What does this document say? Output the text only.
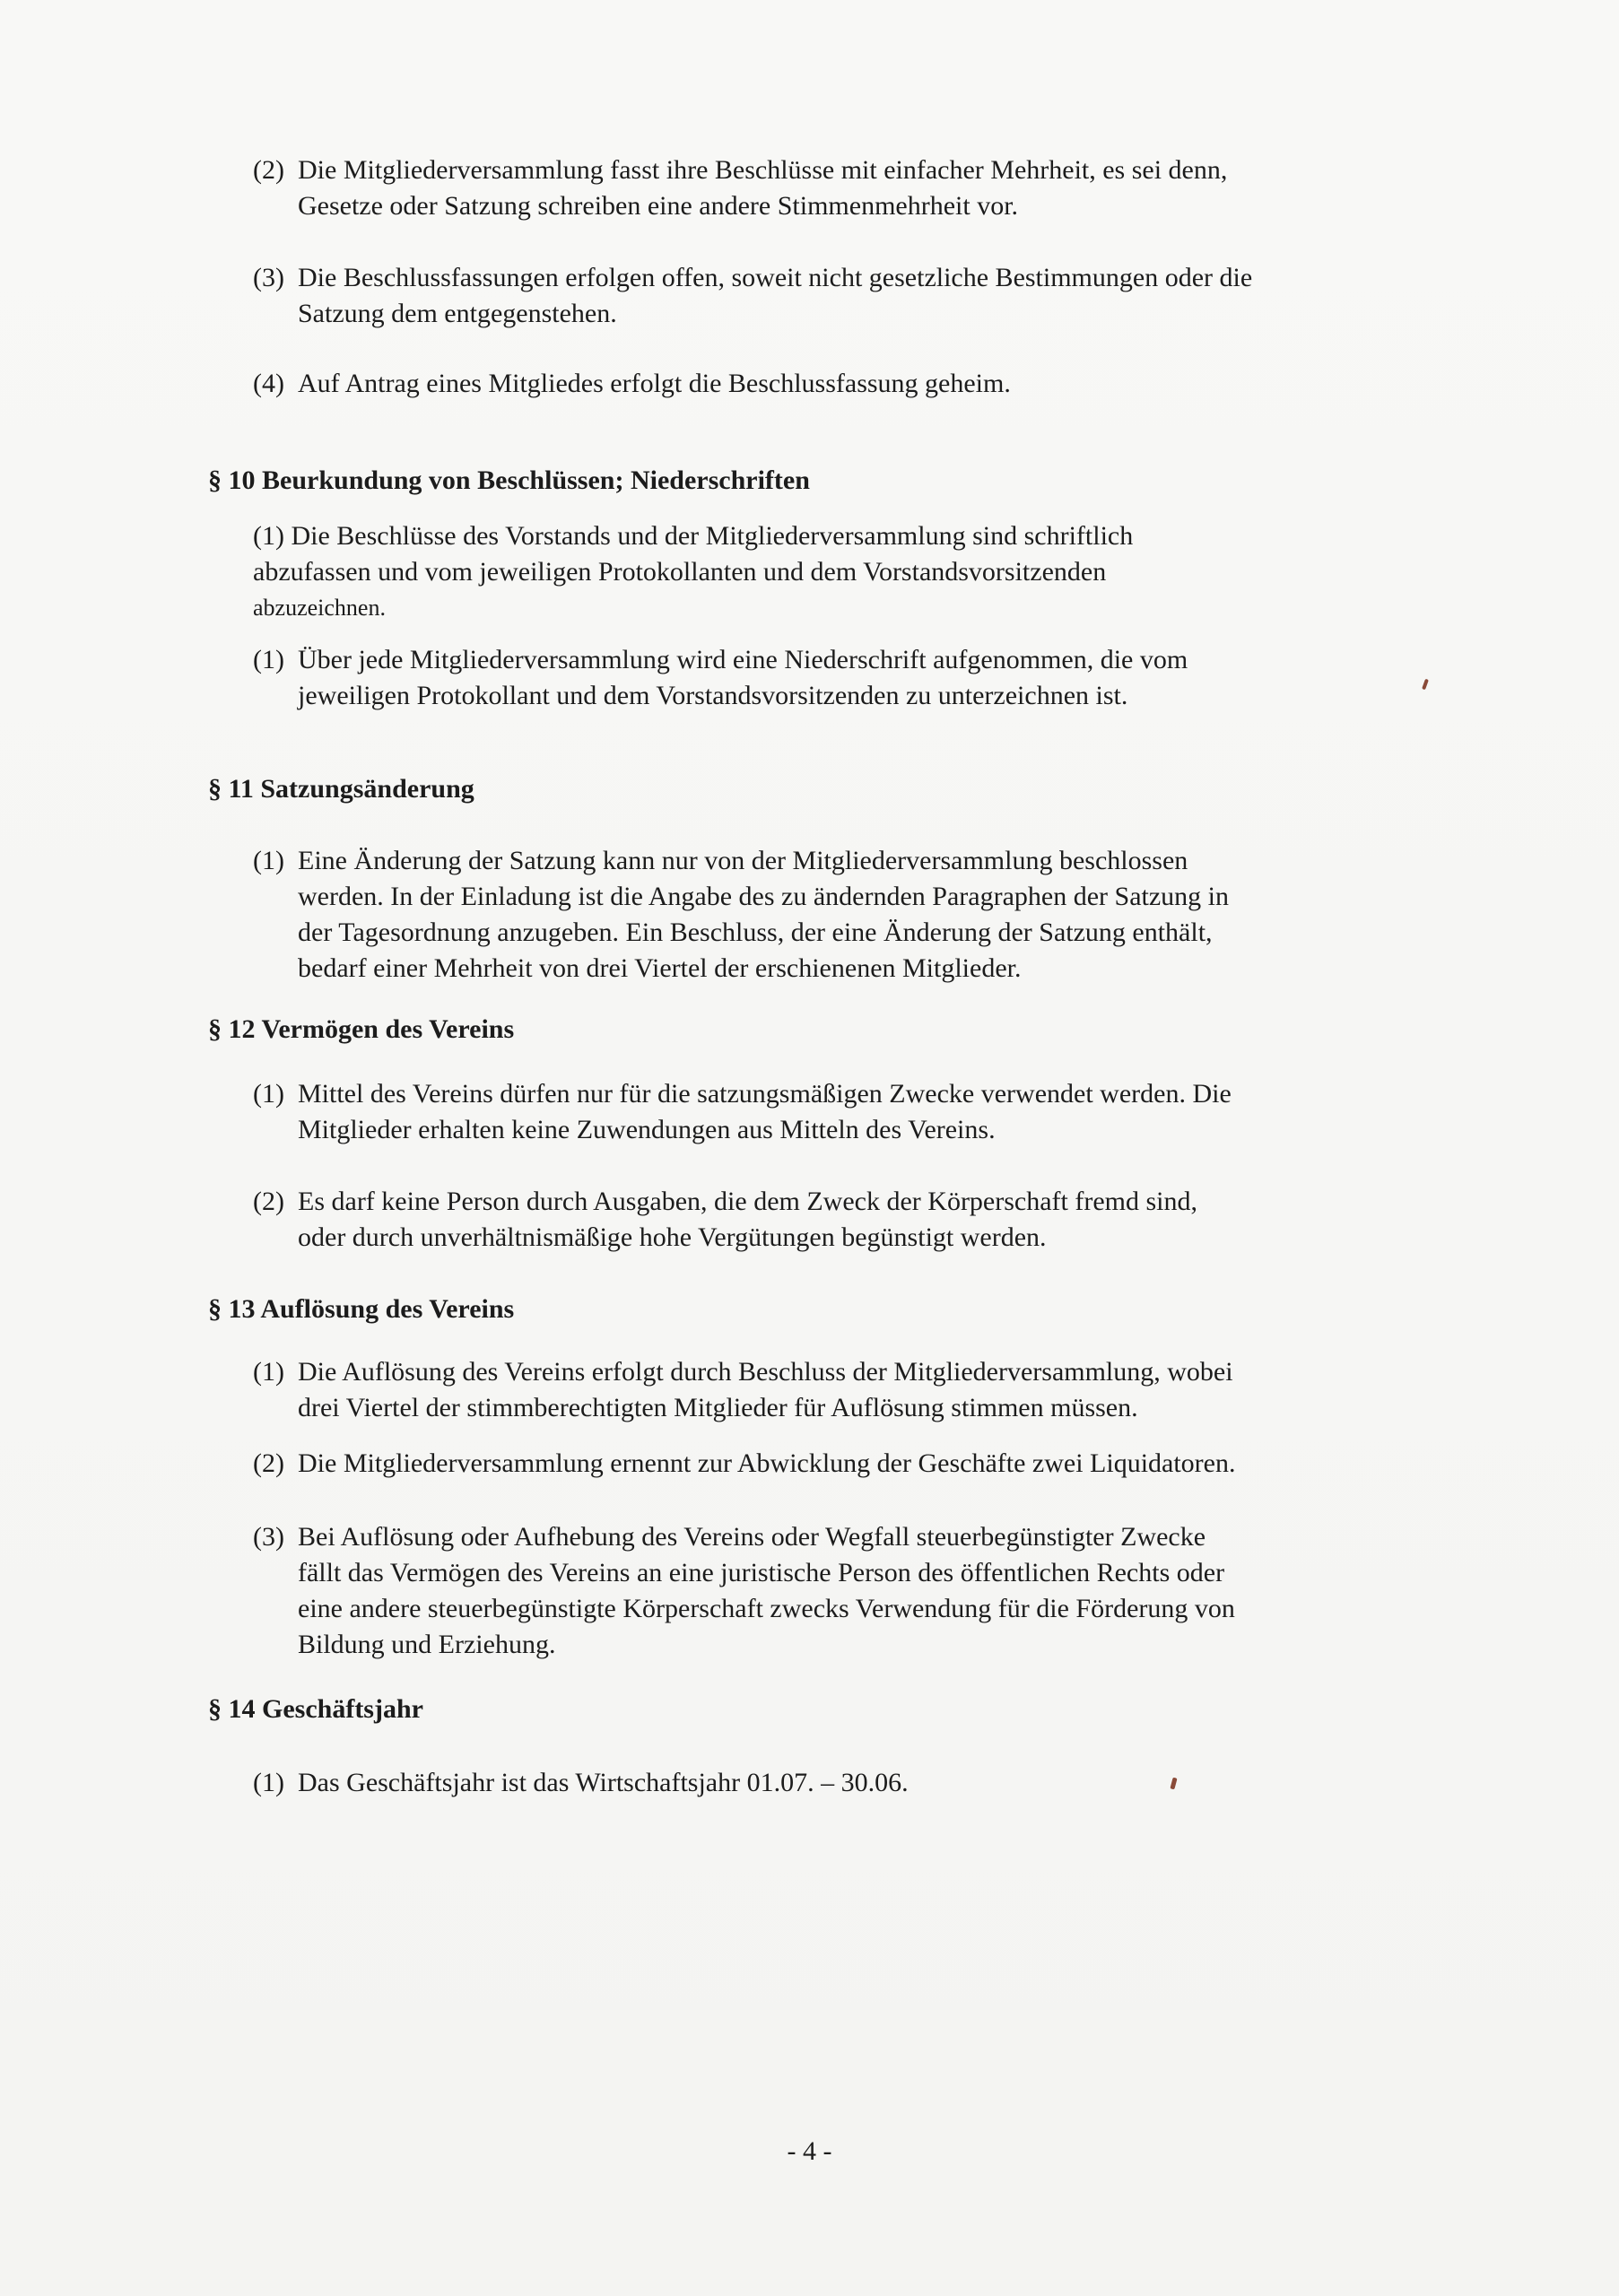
(2) Die Mitgliederversammlung fasst ihre Beschlüsse mit einfacher Mehrheit, es sei denn,
Gesetze oder Satzung schreiben eine andere Stimmenmehrheit vor.
(3) Die Beschlussfassungen erfolgen offen, soweit nicht gesetzliche Bestimmungen oder die
Satzung dem entgegenstehen.
(4) Auf Antrag eines Mitgliedes erfolgt die Beschlussfassung geheim.
§ 10 Beurkundung von Beschlüssen; Niederschriften
(1) Die Beschlüsse des Vorstands und der Mitgliederversammlung sind schriftlich
abzufassen und vom jeweiligen Protokollanten und dem Vorstandsvorsitzenden
abzuzeichnen.
(1) Über jede Mitgliederversammlung wird eine Niederschrift aufgenommen, die vom
jeweiligen Protokollant und dem Vorstandsvorsitzenden zu unterzeichnen ist.
§ 11 Satzungsänderung
(1) Eine Änderung der Satzung kann nur von der Mitgliederversammlung beschlossen
werden. In der Einladung ist die Angabe des zu ändernden Paragraphen der Satzung in
der Tagesordnung anzugeben. Ein Beschluss, der eine Änderung der Satzung enthält,
bedarf einer Mehrheit von drei Viertel der erschienenen Mitglieder.
§ 12 Vermögen des Vereins
(1) Mittel des Vereins dürfen nur für die satzungsmäßigen Zwecke verwendet werden. Die
Mitglieder erhalten keine Zuwendungen aus Mitteln des Vereins.
(2) Es darf keine Person durch Ausgaben, die dem Zweck der Körperschaft fremd sind,
oder durch unverhältnismäßige hohe Vergütungen begünstigt werden.
§ 13 Auflösung des Vereins
(1) Die Auflösung des Vereins erfolgt durch Beschluss der Mitgliederversammlung, wobei
drei Viertel der stimmberechtigten Mitglieder für Auflösung stimmen müssen.
(2) Die Mitgliederversammlung ernennt zur Abwicklung der Geschäfte zwei Liquidatoren.
(3) Bei Auflösung oder Aufhebung des Vereins oder Wegfall steuerbegünstigter Zwecke
fällt das Vermögen des Vereins an eine juristische Person des öffentlichen Rechts oder
eine andere steuerbegünstigte Körperschaft zwecks Verwendung für die Förderung von
Bildung und Erziehung.
§ 14 Geschäftsjahr
(1) Das Geschäftsjahr ist das Wirtschaftsjahr 01.07. – 30.06.
- 4 -
